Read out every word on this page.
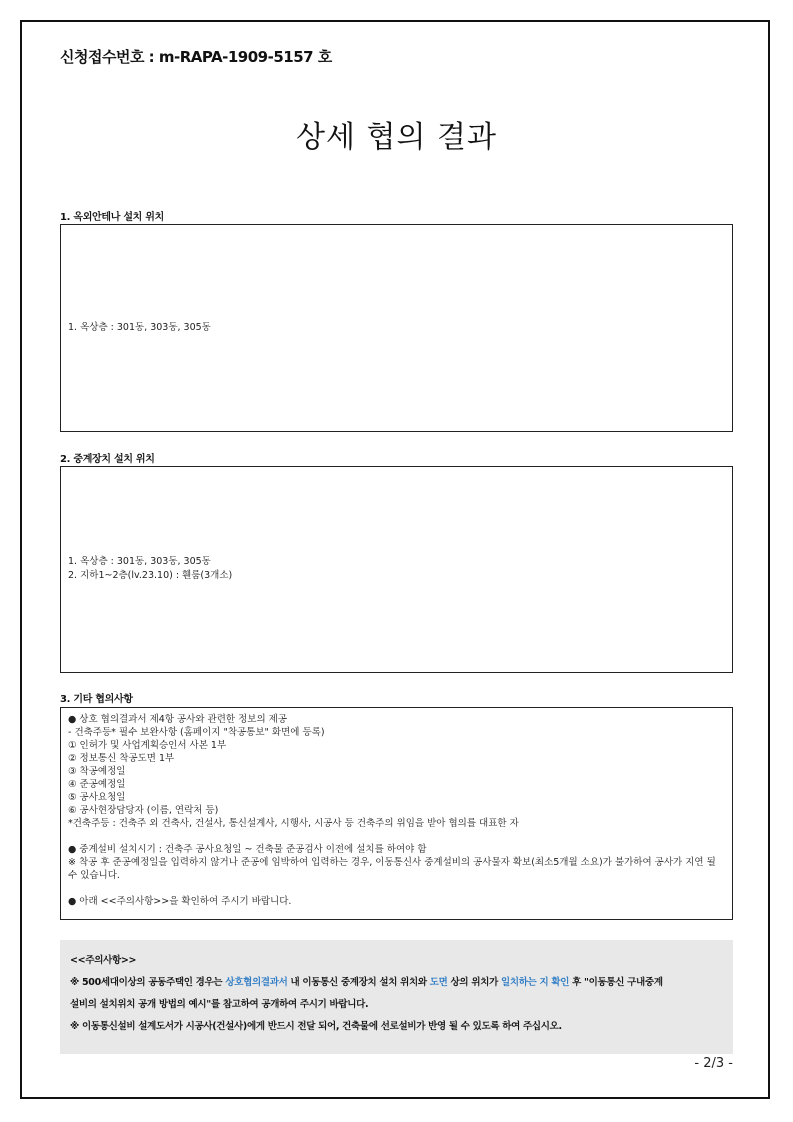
신청접수번호 : m-RAPA-1909-5157 호
상세 협의 결과
1. 옥외안테나 설치 위치
1. 옥상층 : 301동, 303동, 305동
2. 중계장치 설치 위치
1. 옥상층 : 301동, 303동, 305동
2. 지하1~2층(lv.23.10) : 휀룸(3개소)
3. 기타 협의사항
● 상호 협의결과서 제4항 공사와 관련한 정보의 제공
- 건축주등* 필수 보완사항 (홈페이지 "착공통보" 화면에 등록)
① 인허가 및 사업계획승인서 사본 1부
② 정보통신 착공도면 1부
③ 착공예정일
④ 준공예정일
⑤ 공사요청일
⑥ 공사현장담당자 (이름, 연락처 등)
*건축주등 : 건축주 외 건축사, 건설사, 통신설계사, 시행사, 시공사 등 건축주의 위임을 받아 협의를 대표한 자
● 중계설비 설치시기 : 건축주 공사요청일 ~ 건축물 준공검사 이전에 설치를 하여야 함
※ 착공 후 준공예정일을 입력하지 않거나 준공에 임박하여 입력하는 경우, 이동통신사 중계설비의 공사물자 확보(최소5개월 소요)가 불가하여 공사가 지연 될 수 있습니다.
● 아래 <<주의사항>>을 확인하여 주시기 바랍니다.
<<주의사항>>
※ 500세대이상의 공동주택인 경우는 상호협의결과서 내 이동통신 중계장치 설치 위치와 도면 상의 위치가 일치하는 지 확인 후 "이동통신 구내중계
설비의 설치위치 공개 방법의 예시"를 참고하여 공개하여 주시기 바랍니다.
※ 이동통신설비 설계도서가 시공사(건설사)에게 반드시 전달 되어, 건축물에 선로설비가 반영 될 수 있도록 하여 주십시오.
- 2/3 -
